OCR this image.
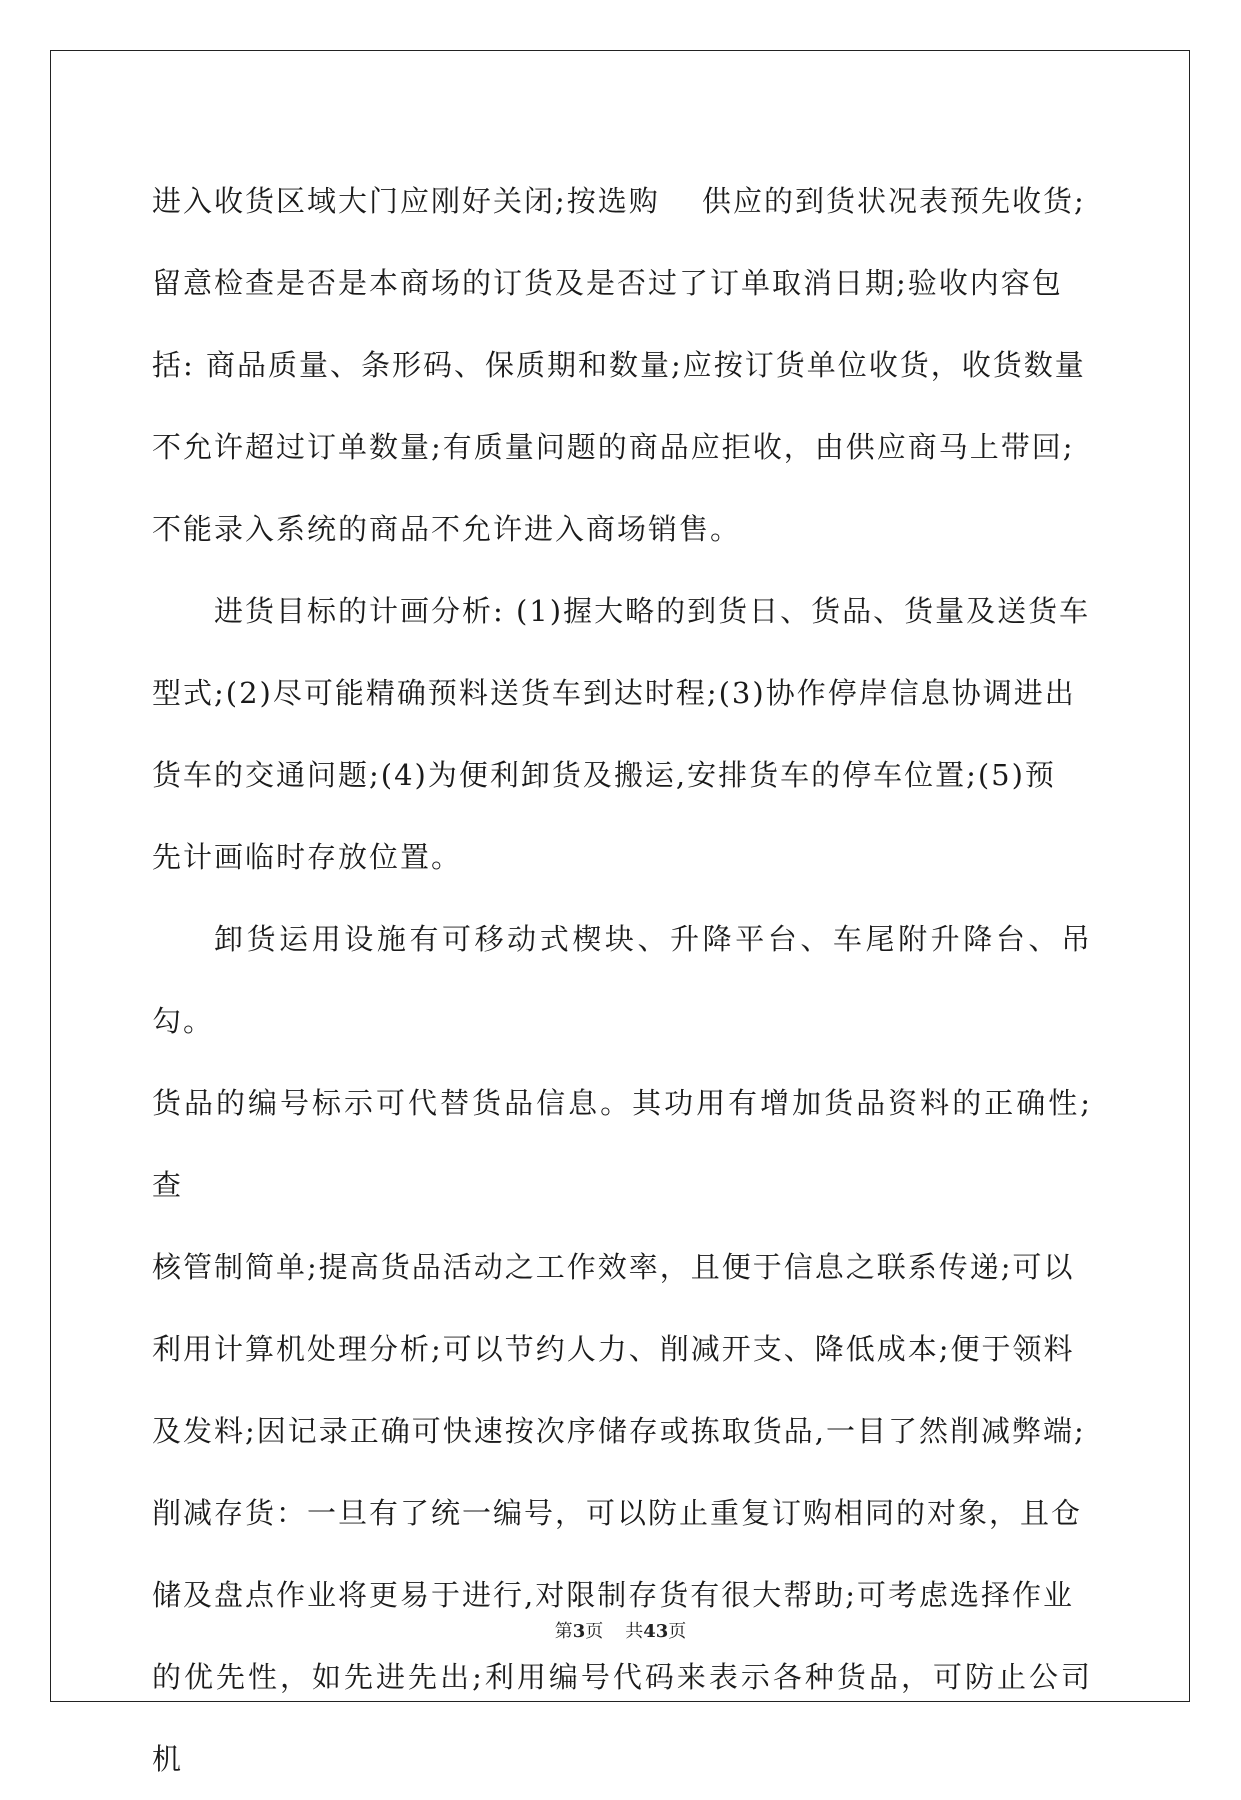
进入收货区域大门应刚好关闭;按选购　 供应的到货状况表预先收货;
留意检查是否是本商场的订货及是否过了订单取消日期;验收内容包
括: 商品质量、条形码、保质期和数量;应按订货单位收货，收货数量
不允许超过订单数量;有质量问题的商品应拒收，由供应商马上带回;
不能录入系统的商品不允许进入商场销售。

进货目标的计画分析: (1)握大略的到货日、货品、货量及送货车
型式;(2)尽可能精确预料送货车到达时程;(3)协作停岸信息协调进出
货车的交通问题;(4)为便利卸货及搬运,安排货车的停车位置;(5)预
先计画临时存放位置。

卸货运用设施有可移动式楔块、升降平台、车尾附升降台、吊勾。
货品的编号标示可代替货品信息。其功用有增加货品资料的正确性;查
核管制简单;提高货品活动之工作效率，且便于信息之联系传递;可以
利用计算机处理分析;可以节约人力、削减开支、降低成本;便于领料
及发料;因记录正确可快速按次序储存或拣取货品,一目了然削减弊端;
削减存货：一旦有了统一编号，可以防止重复订购相同的对象，且仓
储及盘点作业将更易于进行,对限制存货有很大帮助;可考虑选择作业
的优先性，如先进先出;利用编号代码来表示各种货品，可防止公司机

第3页 共43页
